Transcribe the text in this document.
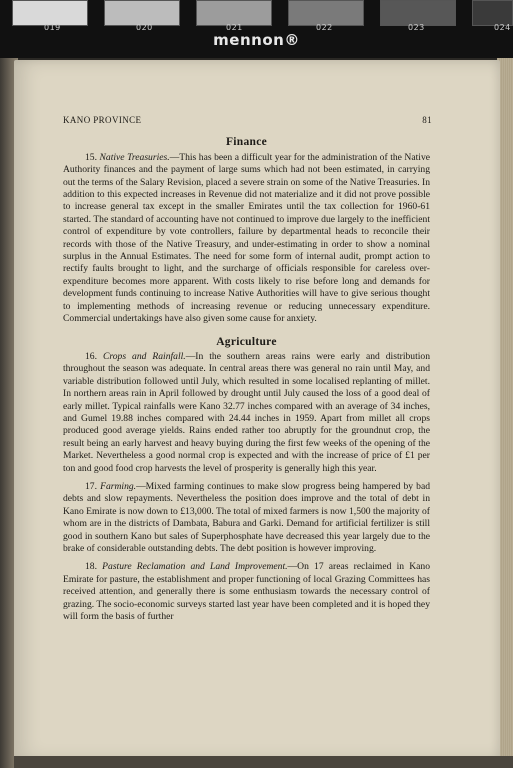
019	020	021	022	023	024
mennon®
KANO PROVINCE	81
Finance

15. Native Treasuries.—This has been a difficult year for the administration of the Native Authority finances and the payment of large sums which had not been estimated, in carrying out the terms of the Salary Revision, placed a severe strain on some of the Native Treasuries. In addition to this expected increases in Revenue did not materialize and it did not prove possible to increase general tax except in the smaller Emirates until the tax collection for 1960-61 started. The standard of accounting have not continued to improve due largely to the inefficient control of expenditure by vote controllers, failure by departmental heads to reconcile their records with those of the Native Treasury, and under-estimating in order to show a nominal surplus in the Annual Estimates. The need for some form of internal audit, prompt action to rectify faults brought to light, and the surcharge of officials responsible for careless over-expenditure becomes more apparent. With costs likely to rise before long and demands for development funds continuing to increase Native Authorities will have to give serious thought to implementing methods of increasing revenue or reducing unnecessary expenditure. Commercial undertakings have also given some cause for anxiety.

Agriculture

16. Crops and Rainfall.—In the southern areas rains were early and distribution throughout the season was adequate. In central areas there was general no rain until May, and variable distribution followed until July, which resulted in some localised replanting of millet. In northern areas rain in April followed by drought until July caused the loss of a good deal of early millet. Typical rainfalls were Kano 32.77 inches compared with an average of 34 inches, and Gumel 19.88 inches compared with 24.44 inches in 1959. Apart from millet all crops produced good average yields. Rains ended rather too abruptly for the groundnut crop, the result being an early harvest and heavy buying during the first few weeks of the opening of the Market. Nevertheless a good normal crop is expected and with the increase of price of £1 per ton and good food crop harvests the level of prosperity is generally high this year.

17. Farming.—Mixed farming continues to make slow progress being hampered by bad debts and slow repayments. Nevertheless the position does improve and the total of debt in Kano Emirate is now down to £13,000. The total of mixed farmers is now 1,500 the majority of whom are in the districts of Dambata, Babura and Garki. Demand for artificial fertilizer is still good in southern Kano but sales of Superphosphate have decreased this year largely due to the brake of considerable outstanding debts. The debt position is however improving.

18. Pasture Reclamation and Land Improvement.—On 17 areas reclaimed in Kano Emirate for pasture, the establishment and proper functioning of local Grazing Committees has received attention, and generally there is some enthusiasm towards the necessary control of grazing. The socio-economic surveys started last year have been completed and it is hoped they will form the basis of further
